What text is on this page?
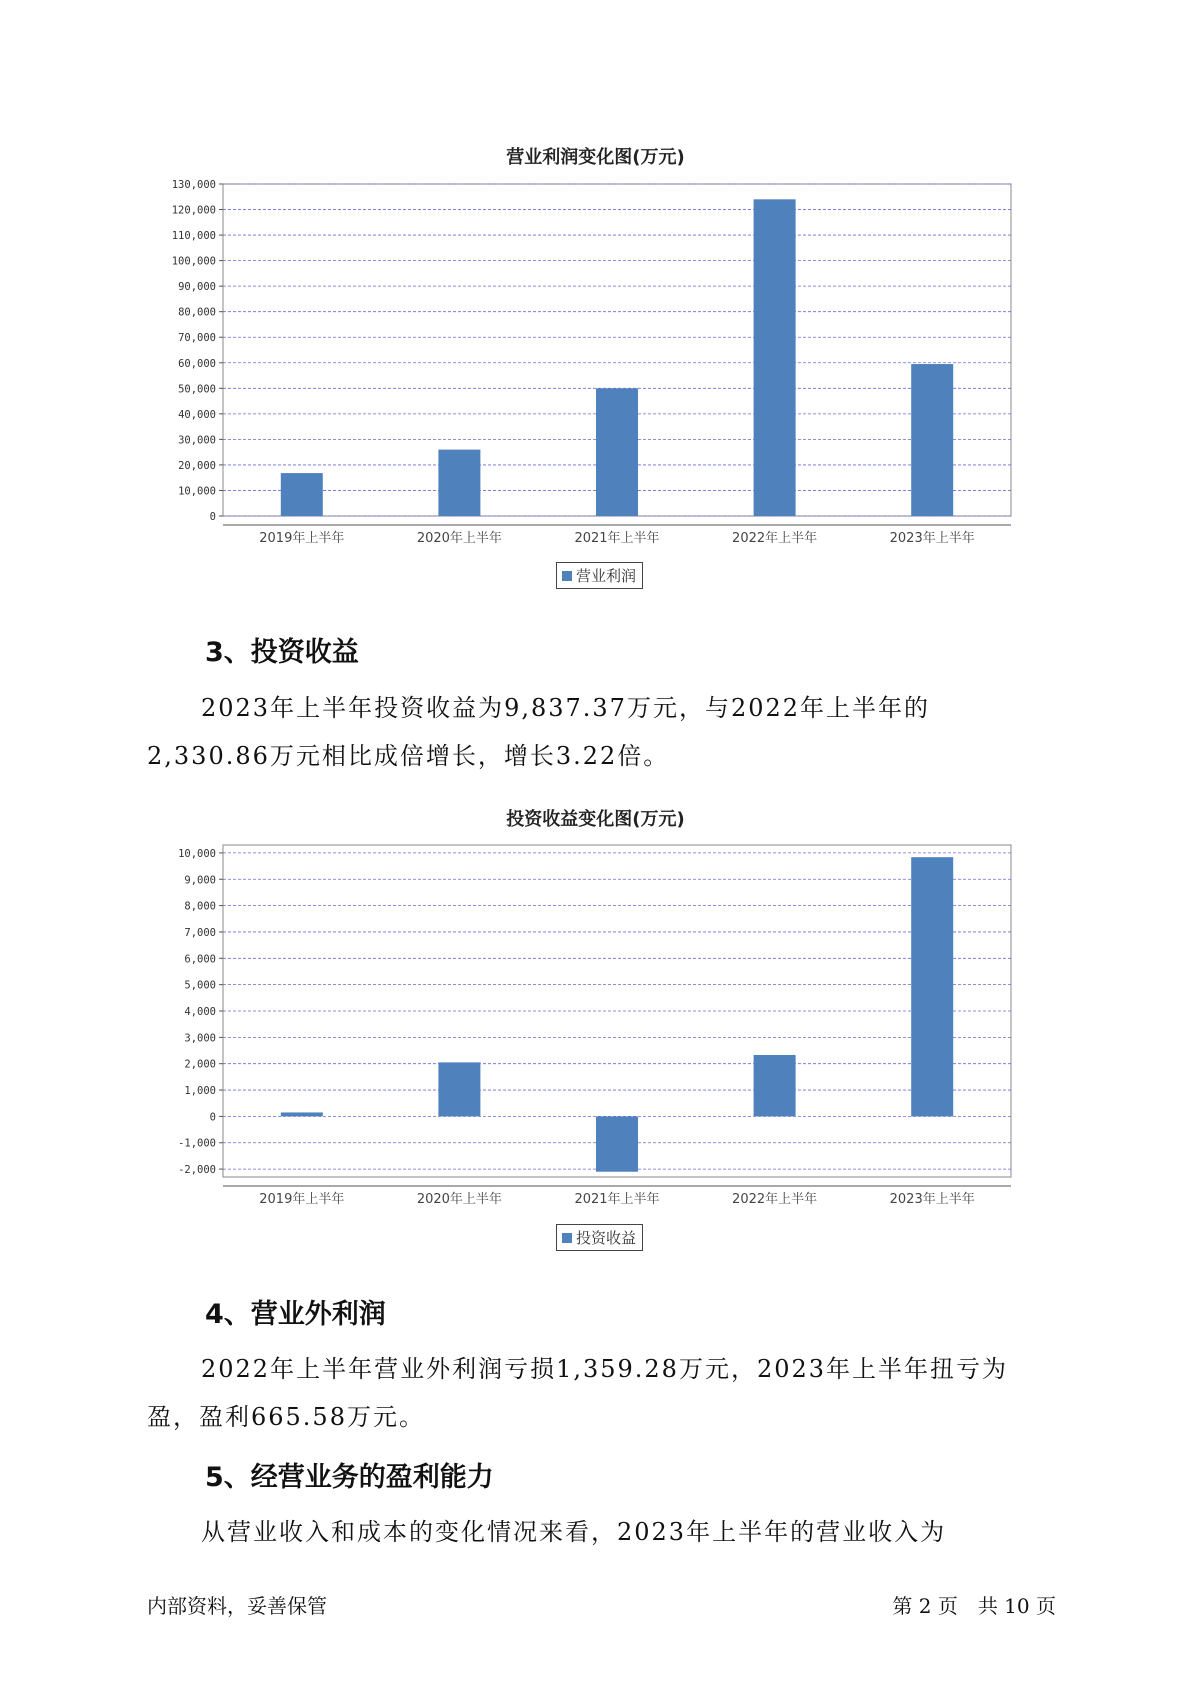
营业利润变化图(万元)
0
10,000
20,000
30,000
40,000
50,000
60,000
70,000
80,000
90,000
100,000
110,000
120,000
130,000
2019年上半年	2020年上半年	2021年上半年	2022年上半年	2023年上半年
营业利润
3、投资收益

2023年上半年投资收益为9,837.37万元，与2022年上半年的2,330.86万元相比成倍增长，增长3.22倍。

投资收益变化图(万元)
-2,000
-1,000
0
1,000
2,000
3,000
4,000
5,000
6,000
7,000
8,000
9,000
10,000
2019年上半年	2020年上半年	2021年上半年	2022年上半年	2023年上半年
投资收益
4、营业外利润

2022年上半年营业外利润亏损1,359.28万元，2023年上半年扭亏为盈，盈利665.58万元。

5、经营业务的盈利能力

从营业收入和成本的变化情况来看，2023年上半年的营业收入为

内部资料，妥善保管	第 2 页　共 10 页
